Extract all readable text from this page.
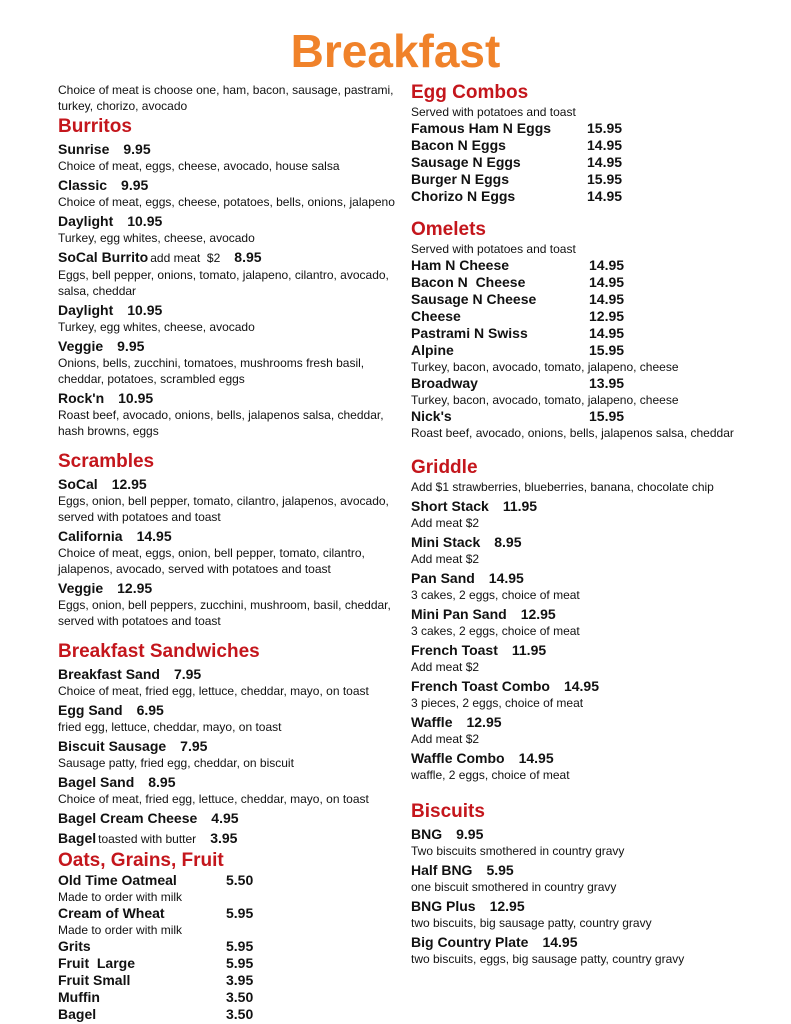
Breakfast

Choice of meat is choose one, ham, bacon, sausage, pastrami, turkey, chorizo, avocado

Burritos
Sunrise 9.95

Choice of meat, eggs, cheese, avocado, house salsa

Classic 9.95

Choice of meat, eggs, cheese, potatoes, bells, onions, jalapeno

Daylight 10.95

Turkey, egg whites, cheese, avocado

SoCal Burrito add meat  $2 8.95

Eggs, bell pepper, onions, tomato, jalapeno, cilantro, avocado, salsa, cheddar

Daylight 10.95

Turkey, egg whites, cheese, avocado

Veggie 9.95

Onions, bells, zucchini, tomatoes, mushrooms fresh basil, cheddar, potatoes, scrambled eggs

Rock'n 10.95

Roast beef, avocado, onions, bells, jalapenos salsa, cheddar, hash browns, eggs

Scrambles
SoCal 12.95

Eggs, onion, bell pepper, tomato, cilantro, jalapenos, avocado, served with potatoes and toast

California 14.95

Choice of meat, eggs, onion, bell pepper, tomato, cilantro, jalapenos, avocado, served with potatoes and toast

Veggie 12.95

Eggs, onion, bell peppers, zucchini, mushroom, basil, cheddar, served with potatoes and toast

Breakfast Sandwiches
Breakfast Sand 7.95

Choice of meat, fried egg, lettuce, cheddar, mayo, on toast

Egg Sand 6.95

fried egg, lettuce, cheddar, mayo, on toast

Biscuit Sausage 7.95

Sausage patty, fried egg, cheddar, on biscuit

Bagel Sand 8.95

Choice of meat, fried egg, lettuce, cheddar, mayo, on toast

Bagel Cream Cheese 4.95
Bagel toasted with butter 3.95
Oats, Grains, Fruit
Old Time Oatmeal	5.50

Made to order with milk

Cream of Wheat	5.95

Made to order with milk

Grits	5.95
Fruit  Large	5.95
Fruit Small	3.95
Muffin	3.50
Bagel	3.50
Egg Combos

Served with potatoes and toast

Famous Ham N Eggs	15.95
Bacon N Eggs	14.95
Sausage N Eggs	14.95
Burger N Eggs	15.95
Chorizo N Eggs	14.95
Omelets

Served with potatoes and toast

Ham N Cheese	14.95
Bacon N  Cheese	14.95
Sausage N Cheese	14.95
Cheese	12.95
Pastrami N Swiss	14.95
Alpine	15.95

Turkey, bacon, avocado, tomato, jalapeno, cheese

Broadway	13.95

Turkey, bacon, avocado, tomato, jalapeno, cheese

Nick's	15.95

Roast beef, avocado, onions, bells, jalapenos salsa, cheddar

Griddle

Add $1 strawberries, blueberries, banana, chocolate chip

Short Stack 11.95

Add meat $2

Mini Stack 8.95

Add meat $2

Pan Sand 14.95

3 cakes, 2 eggs, choice of meat

Mini Pan Sand 12.95

3 cakes, 2 eggs, choice of meat

French Toast 11.95

Add meat $2

French Toast Combo 14.95

3 pieces, 2 eggs, choice of meat

Waffle 12.95

Add meat $2

Waffle Combo 14.95

waffle, 2 eggs, choice of meat

Biscuits
BNG 9.95

Two biscuits smothered in country gravy

Half BNG 5.95

one biscuit smothered in country gravy

BNG Plus 12.95

two biscuits, big sausage patty, country gravy

Big Country Plate 14.95

two biscuits, eggs, big sausage patty, country gravy
